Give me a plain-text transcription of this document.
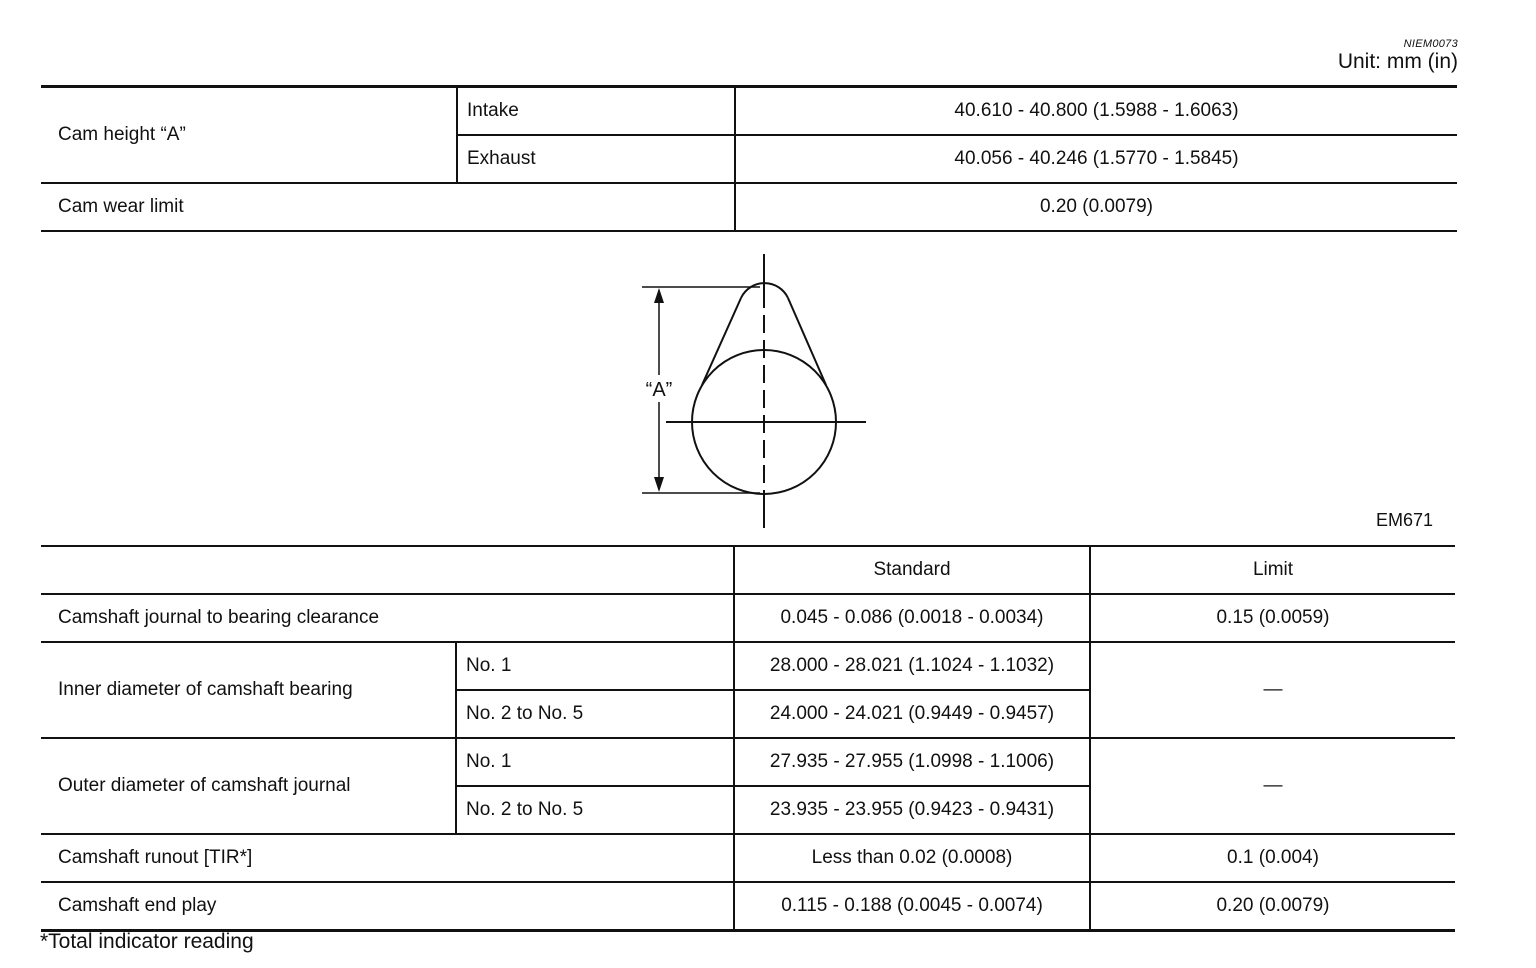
NIEM0073
Unit: mm (in)
Cam height “A”	Intake	40.610 - 40.800 (1.5988 - 1.6063)
	Exhaust	40.056 - 40.246 (1.5770 - 1.5845)
Cam wear limit		0.20 (0.0079)
“A”
EM671
		Standard	Limit
Camshaft journal to bearing clearance		0.045 - 0.086 (0.0018 - 0.0034)	0.15 (0.0059)
Inner diameter of camshaft bearing	No. 1	28.000 - 28.021 (1.1024 - 1.1032)	—
	No. 2 to No. 5	24.000 - 24.021 (0.9449 - 0.9457)	
Outer diameter of camshaft journal	No. 1	27.935 - 27.955 (1.0998 - 1.1006)	—
	No. 2 to No. 5	23.935 - 23.955 (0.9423 - 0.9431)	
Camshaft runout [TIR*]		Less than 0.02 (0.0008)	0.1 (0.004)
Camshaft end play		0.115 - 0.188 (0.0045 - 0.0074)	0.20 (0.0079)
*Total indicator reading
